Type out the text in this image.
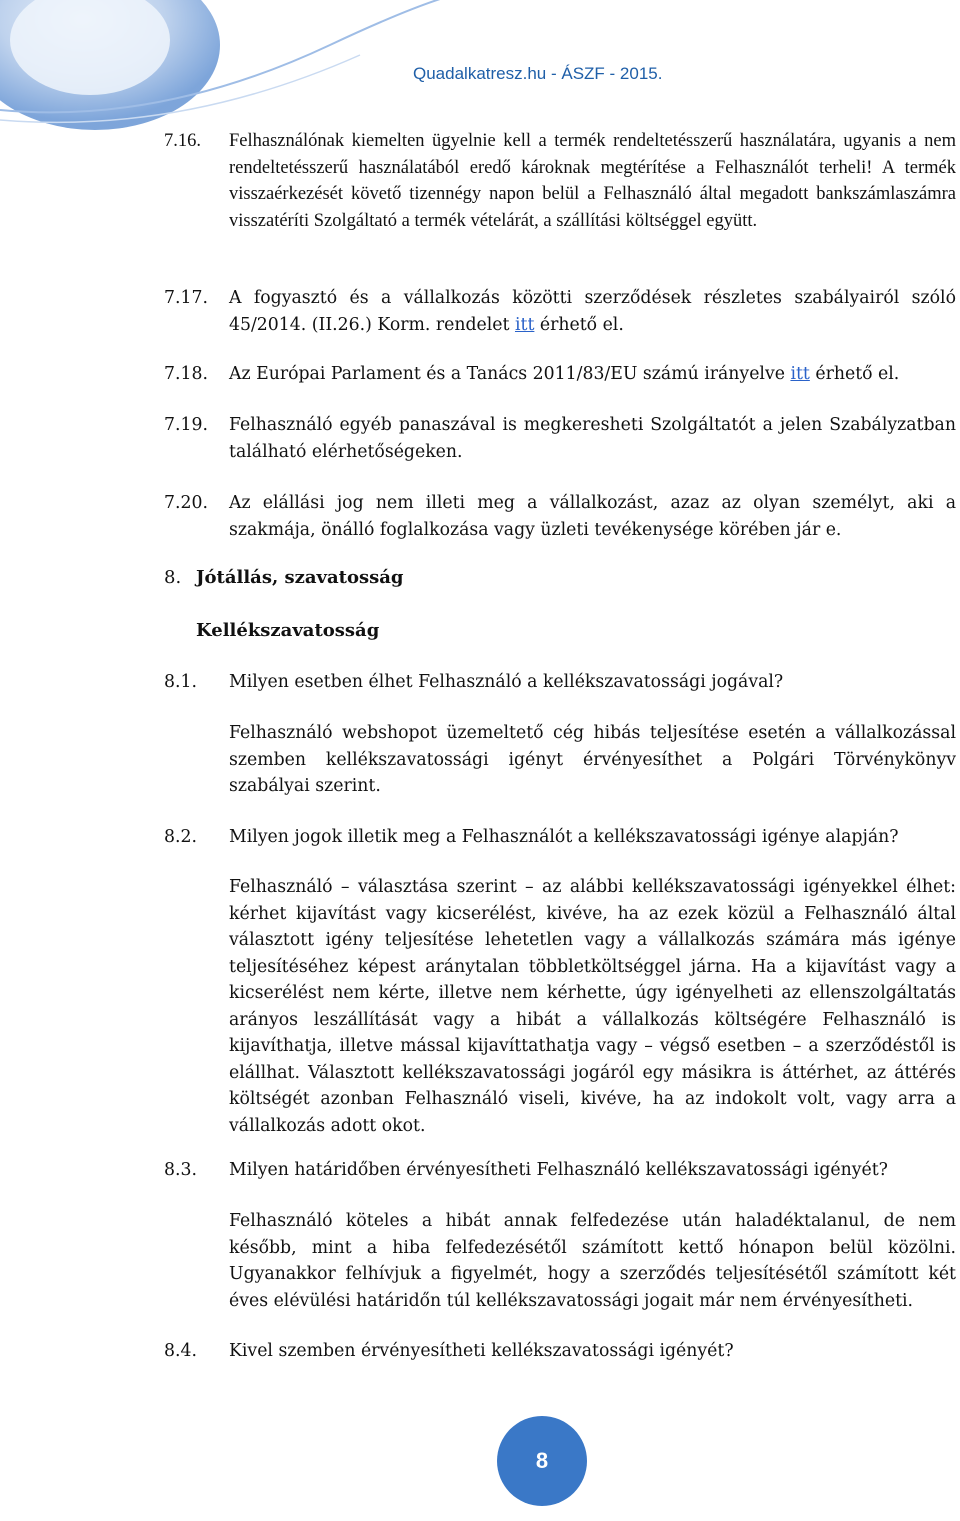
Quadalkatresz.hu - ÁSZF - 2015.
7.16.	Felhasználónak kiemelten ügyelnie kell a termék rendeltetésszerű használatára, ugyanis a nem rendeltetésszerű használatából eredő károknak megtérítése a Felhasználót terheli! A termék visszaérkezését követő tizennégy napon belül a Felhasználó által megadott bankszámlaszámra visszatéríti Szolgáltató a termék vételárát, a szállítási költséggel együtt.
7.17.	A fogyasztó és a vállalkozás közötti szerződések részletes szabályairól szóló 45/2014. (II.26.) Korm. rendelet itt érhető el.
7.18.	Az Európai Parlament és a Tanács 2011/83/EU számú irányelve itt érhető el.
7.19.	Felhasználó egyéb panaszával is megkeresheti Szolgáltatót a jelen Szabályzatban található elérhetőségeken.
7.20.	Az elállási jog nem illeti meg a vállalkozást, azaz az olyan személyt, aki a szakmája, önálló foglalkozása vagy üzleti tevékenysége körében jár e.
8. Jótállás, szavatosság
Kellékszavatosság
8.1.	Milyen esetben élhet Felhasználó a kellékszavatossági jogával?
Felhasználó webshopot üzemeltető cég hibás teljesítése esetén a vállalkozással szemben kellékszavatossági igényt érvényesíthet a Polgári Törvénykönyv szabályai szerint.
8.2.	Milyen jogok illetik meg a Felhasználót a kellékszavatossági igénye alapján?
Felhasználó – választása szerint – az alábbi kellékszavatossági igényekkel élhet: kérhet kijavítást vagy kicserélést, kivéve, ha az ezek közül a Felhasználó által választott igény teljesítése lehetetlen vagy a vállalkozás számára más igénye teljesítéséhez képest aránytalan többletköltséggel járna. Ha a kijavítást vagy a kicserélést nem kérte, illetve nem kérhette, úgy igényelheti az ellenszolgáltatás arányos leszállítását vagy a hibát a vállalkozás költségére Felhasználó is kijavíthatja, illetve mással kijavíttathatja vagy – végső esetben – a szerződéstől is elállhat. Választott kellékszavatossági jogáról egy másikra is áttérhet, az áttérés költségét azonban Felhasználó viseli, kivéve, ha az indokolt volt, vagy arra a vállalkozás adott okot.
8.3.	Milyen határidőben érvényesítheti Felhasználó kellékszavatossági igényét?
Felhasználó köteles a hibát annak felfedezése után haladéktalanul, de nem később, mint a hiba felfedezésétől számított kettő hónapon belül közölni. Ugyanakkor felhívjuk a figyelmét, hogy a szerződés teljesítésétől számított két éves elévülési határidőn túl kellékszavatossági jogait már nem érvényesítheti.
8.4.	Kivel szemben érvényesítheti kellékszavatossági igényét?
8
